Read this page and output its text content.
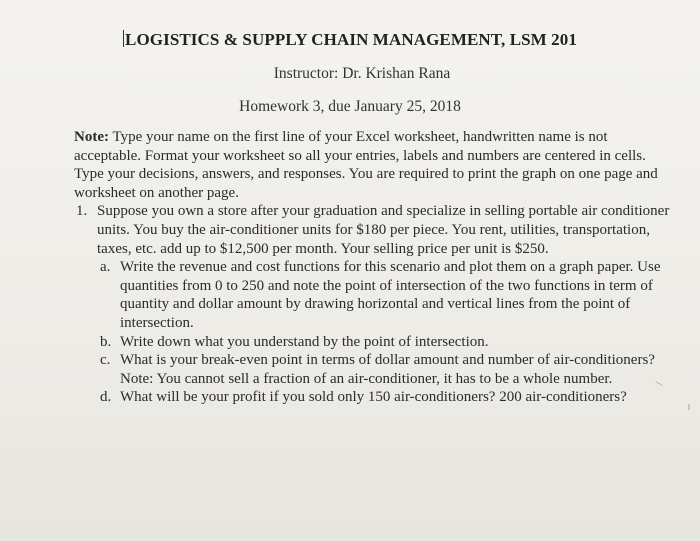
LOGISTICS & SUPPLY CHAIN MANAGEMENT, LSM 201
Instructor: Dr. Krishan Rana
Homework 3, due January 25, 2018

Note: Type your name on the first line of your Excel worksheet, handwritten name is not acceptable. Format your worksheet so all your entries, labels and numbers are centered in cells. Type your decisions, answers, and responses. You are required to print the graph on one page and worksheet on another page.

1. Suppose you own a store after your graduation and specialize in selling portable air conditioner units. You buy the air-conditioner units for $180 per piece. You rent, utilities, transportation, taxes, etc. add up to $12,500 per month. Your selling price per unit is $250.
a. Write the revenue and cost functions for this scenario and plot them on a graph paper. Use quantities from 0 to 250 and note the point of intersection of the two functions in term of quantity and dollar amount by drawing horizontal and vertical lines from the point of intersection.
b. Write down what you understand by the point of intersection.
c. What is your break-even point in terms of dollar amount and number of air-conditioners? Note: You cannot sell a fraction of an air-conditioner, it has to be a whole number.
d. What will be your profit if you sold only 150 air-conditioners? 200 air-conditioners?
